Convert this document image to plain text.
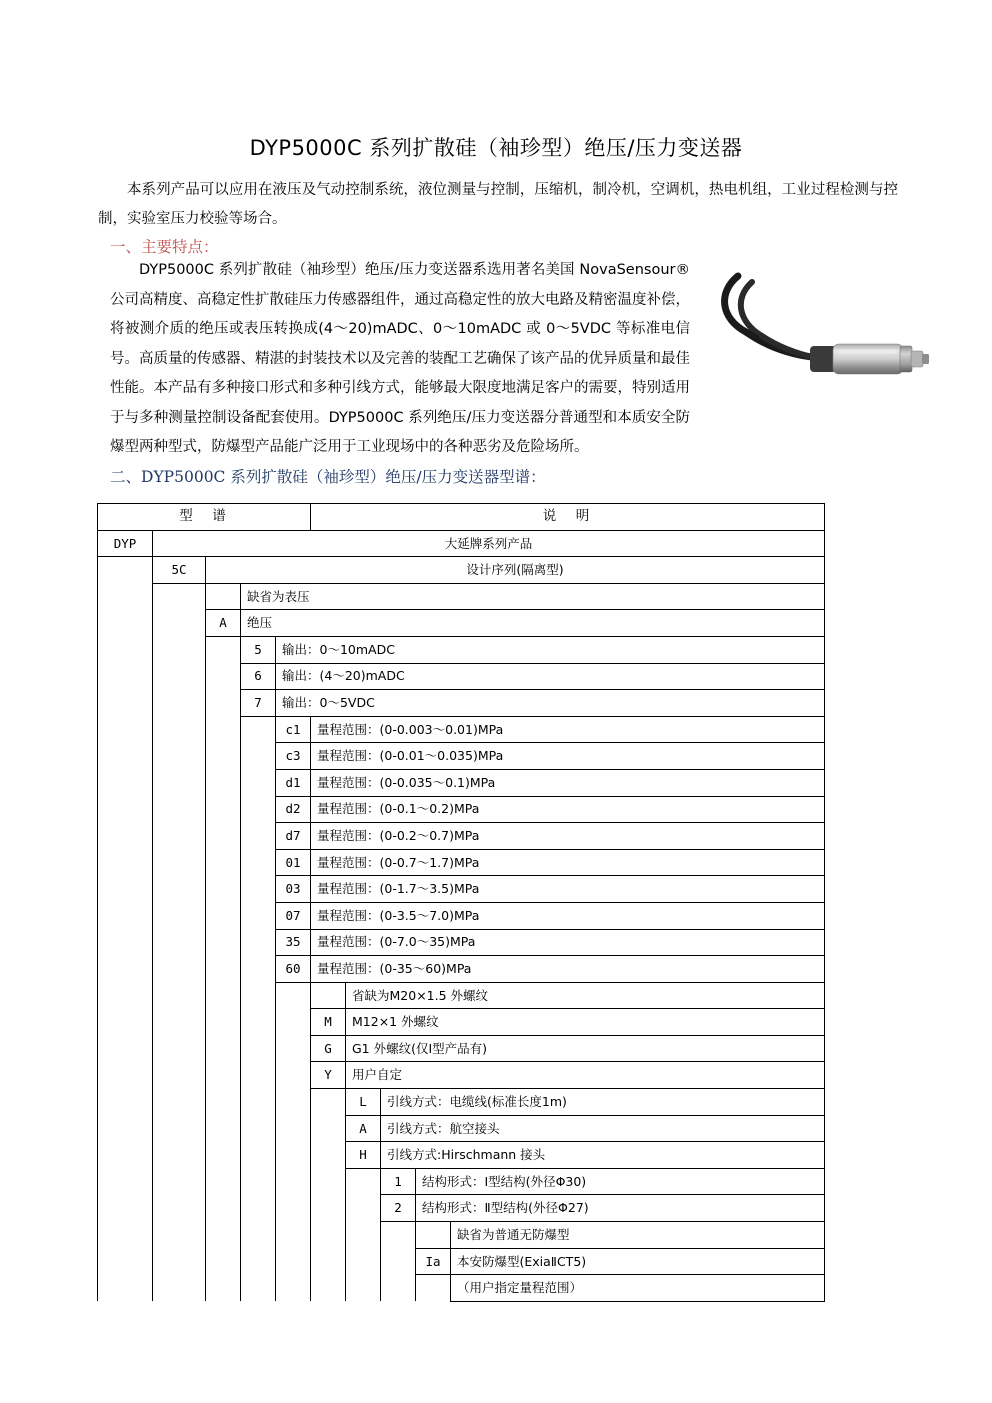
DYP5000C 系列扩散硅（袖珍型）绝压/压力变送器
本系列产品可以应用在液压及气动控制系统，液位测量与控制，压缩机，制冷机，空调机，热电机组，工业过程检测与控制，实验室压力校验等场合。
一、主要特点：
DYP5000C 系列扩散硅（袖珍型）绝压/压力变送器系选用著名美国 NovaSensour® 公司高精度、高稳定性扩散硅压力传感器组件，通过高稳定性的放大电路及精密温度补偿，将被测介质的绝压或表压转换成(4～20)mADC、0～10mADC 或 0～5VDC 等标准电信号。高质量的传感器、精湛的封装技术以及完善的装配工艺确保了该产品的优异质量和最佳性能。本产品有多种接口形式和多种引线方式，能够最大限度地满足客户的需要，特别适用于与多种测量控制设备配套使用。DYP5000C 系列绝压/压力变送器分普通型和本质安全防爆型两种型式，防爆型产品能广泛用于工业现场中的各种恶劣及危险场所。
二、DYP5000C 系列扩散硅（袖珍型）绝压/压力变送器型谱：
型　谱					说　明				
DYP	大延牌系列产品								
	5C	设计序列(隔离型)							
			缺省为表压						
		A	绝压						
			5	输出：0～10mADC					
			6	输出：(4～20)mADC					
			7	输出：0～5VDC					
				c1	量程范围：(0-0.003～0.01)MPa				
				c3	量程范围：(0-0.01～0.035)MPa				
				d1	量程范围：(0-0.035～0.1)MPa				
				d2	量程范围：(0-0.1～0.2)MPa				
				d7	量程范围：(0-0.2～0.7)MPa				
				01	量程范围：(0-0.7～1.7)MPa				
				03	量程范围：(0-1.7～3.5)MPa				
				07	量程范围：(0-3.5～7.0)MPa				
				35	量程范围：(0-7.0～35)MPa				
				60	量程范围：(0-35～60)MPa				
						省缺为M20×1.5 外螺纹			
					M	M12×1 外螺纹			
					G	G1 外螺纹(仅Ⅰ型产品有)			
					Y	用户自定			
						L	引线方式：电缆线(标准长度1m)		
						A	引线方式：航空接头		
						H	引线方式:Hirschmann 接头		
							1	结构形式：Ⅰ型结构(外径Φ30)	
							2	结构形式：Ⅱ型结构(外径Φ27)	
									缺省为普通无防爆型
								Ia	本安防爆型(ExiaⅡCT5)
									（用户指定量程范围）
